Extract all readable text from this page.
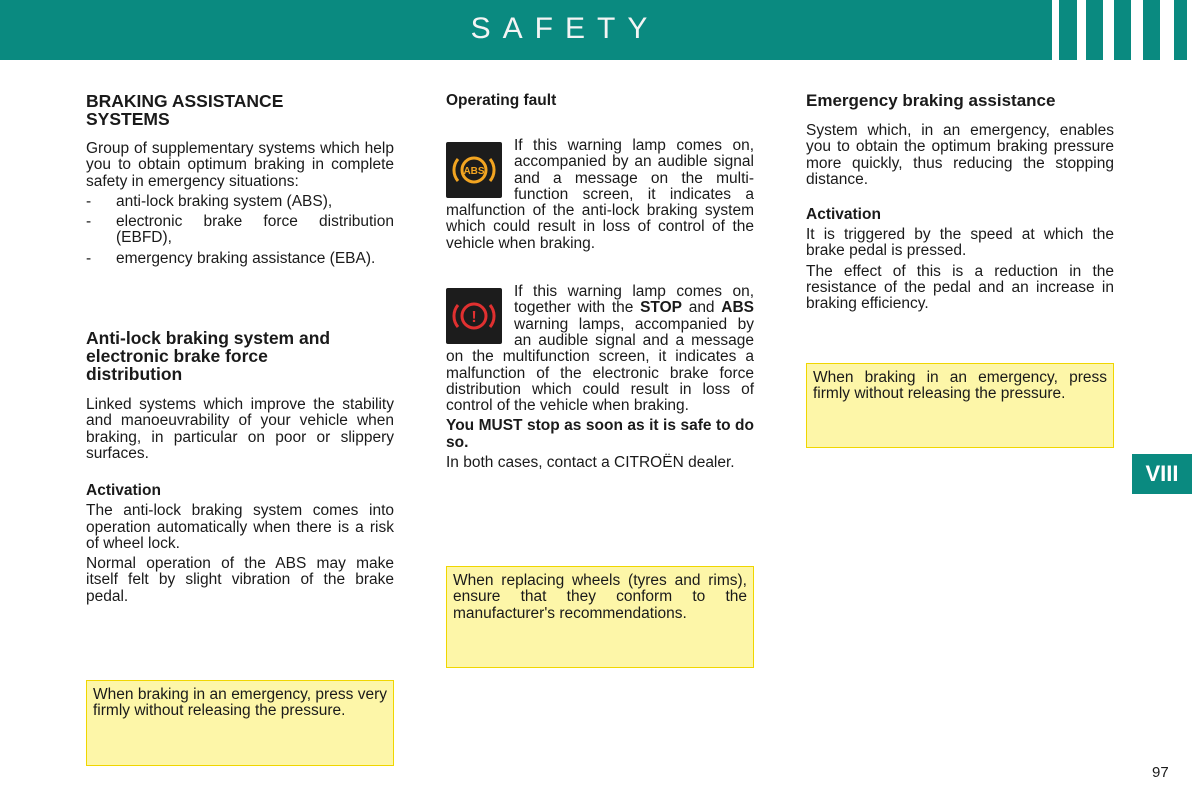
SAFETY
BRAKING ASSISTANCE SYSTEMS

Group of supplementary systems which help you to obtain optimum braking in complete safety in emergency situations:

- anti-lock braking system (ABS),
- electronic brake force distribution (EBFD),
- emergency braking assistance (EBA).
Anti-lock braking system and electronic brake force distribution

Linked systems which improve the stability and manoeuvrability of your vehicle when braking, in particular on poor or slippery surfaces.

Activation

The anti-lock braking system comes into operation automatically when there is a risk of wheel lock.

Normal operation of the ABS may make itself felt by slight vibration of the brake pedal.

When braking in an emergency, press very firmly without releasing the pressure.

Operating fault
ABS

If this warning lamp comes on, accompanied by an audible signal and a message on the multi-function screen, it indicates a malfunction of the anti-lock braking system which could result in loss of control of the vehicle when braking.

!

If this warning lamp comes on, together with the STOP and ABS warning lamps, accompanied by an audible signal and a message on the multifunction screen, it indicates a malfunction of the electronic brake force distribution which could result in loss of control of the vehicle when braking.

You MUST stop as soon as it is safe to do so.

In both cases, contact a CITROËN dealer.

When replacing wheels (tyres and rims), ensure that they conform to the manufacturer's recommendations.

Emergency braking assistance

System which, in an emergency, enables you to obtain the optimum braking pressure more quickly, thus reducing the stopping distance.

Activation

It is triggered by the speed at which the brake pedal is pressed.

The effect of this is a reduction in the resistance of the pedal and an increase in braking efficiency.

When braking in an emergency, press firmly without releasing the pressure.

VIII
97
